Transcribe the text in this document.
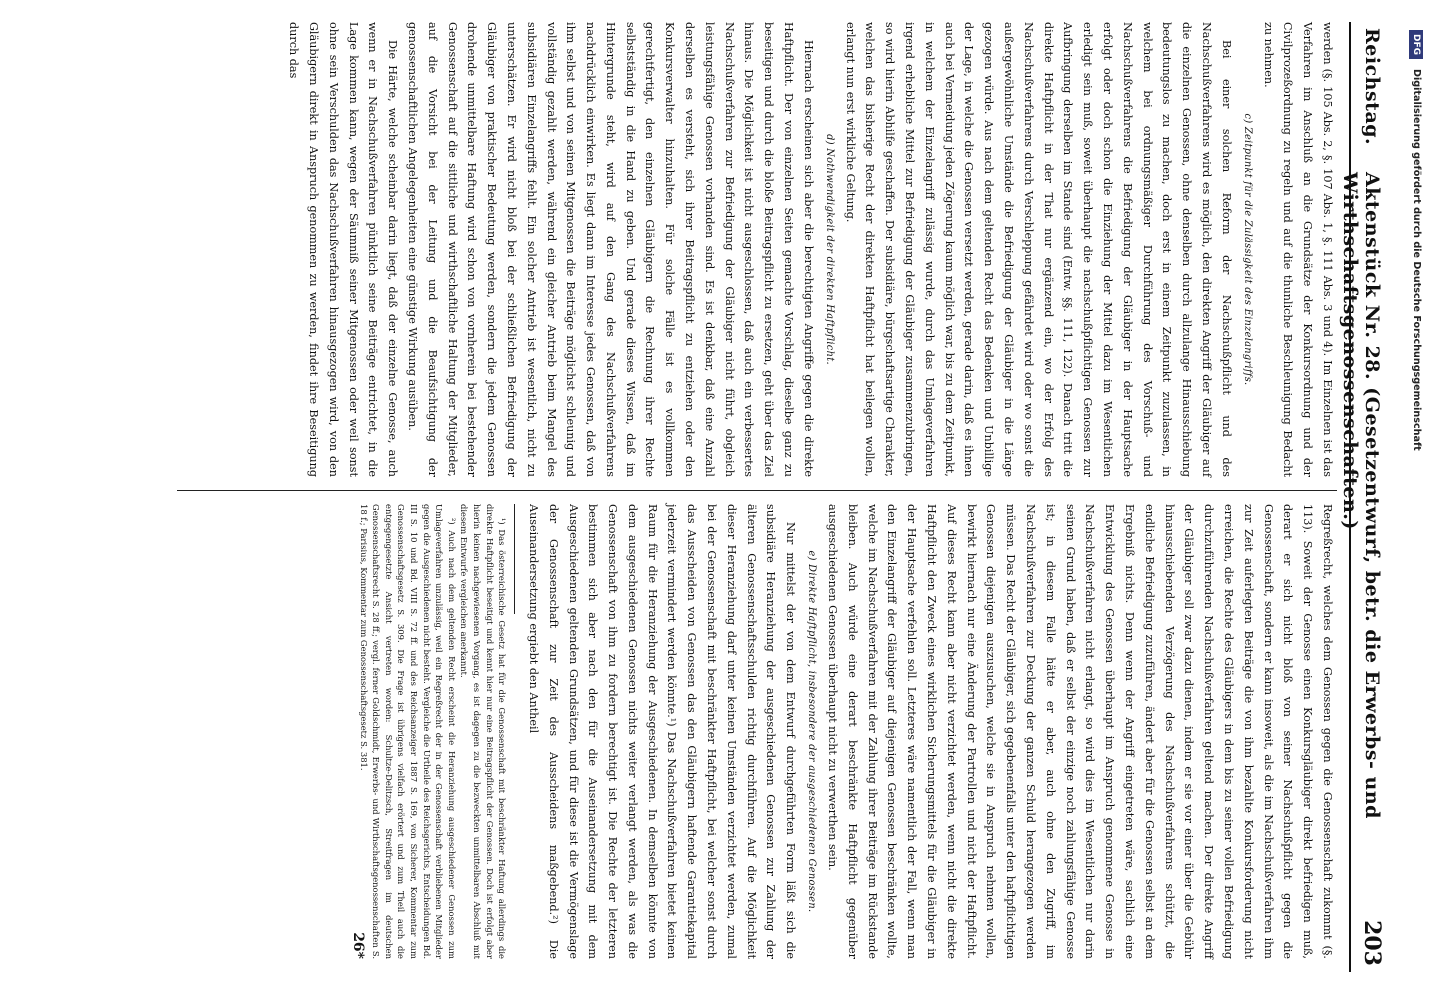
Reichstag.
Aktenstück Nr. 28. (Gesetzentwurf, betr. die Erwerbs- und Wirthschaftsgenossenschaften.)
203

werden (§. 105 Abs. 2, §. 107 Abs. 1, §. 111 Abs. 3 und 4). Im Einzelnen ist das Verfahren im Anschluß an die Grundsätze der Konkursordnung und der Civilprozeßordnung zu regeln und auf die thunliche Beschleunigung Bedacht zu nehmen.

c) Zeitpunkt für die Zulässigkeit des Einzelangriffs.

Bei einer solchen Reform der Nachschußpflicht und des Nachschußverfahrens wird es möglich, den direkten Angriff der Gläubiger auf die einzelnen Genossen, ohne denselben durch allzulange Hinausschiebung bedeutungslos zu machen, doch erst in einem Zeitpunkt zuzulassen, in welchem bei ordnungsmäßiger Durchführung des Vorschuß- und Nachschußverfahrens die Befriedigung der Gläubiger in der Hauptsache erfolgt oder doch schon die Einziehung der Mittel dazu im Wesentlichen erledigt sein muß, soweit überhaupt die nachschußpflichtigen Genossen zur Aufbringung derselben im Stande sind (Entw. §§. 111, 122). Danach tritt die direkte Haftpflicht in der That nur ergänzend ein, wo der Erfolg des Nachschußverfahrens durch Verschleppung gefährdet wird oder wo sonst die außergewöhnliche Umstände die Befriedigung der Gläubiger in die Länge gezogen würde. Aus nach dem geltenden Recht das Bedenken und Unbillige der Lage, in welche die Genossen versetzt werden, gerade darin, daß es ihnen auch bei Vermeidung jeden Zögerung kaum möglich war, bis zu dem Zeitpunkt, in welchem der Einzelangriff zulässig wurde, durch das Umlageverfahren irgend erhebliche Mittel zur Befriedigung der Gläubiger zusammenzubringen, so wird hierin Abhilfe geschaffen. Der subsidiäre, bürgschaftsartige Charakter, welchen das bisherige Recht der direkten Haftpflicht hat beilegen wollen, erlangt nun erst wirkliche Geltung.

d) Nothwendigkeit der direkten Haftpflicht.

Hiernach erscheinen sich aber die berechtigten Angriffe gegen die direkte Haftpflicht. Der von einzelnen Seiten gemachte Vorschlag, dieselbe ganz zu beseitigen und durch die bloße Beitragspflicht zu ersetzen, geht über das Ziel hinaus. Die Möglichkeit ist nicht ausgeschlossen, daß auch ein verbessertes Nachschußverfahren zur Befriedigung der Gläubiger nicht führt, obgleich leistungsfähige Genossen vorhanden sind. Es ist denkbar, daß eine Anzahl derselben es versteht, sich ihrer Beitragspflicht zu entziehen oder den Konkursverwalter hinzuhalten. Für solche Fälle ist es vollkommen gerechtfertigt, den einzelnen Gläubigern die Rechnung ihrer Rechte selbstständig in die Hand zu geben. Und gerade dieses Wissen, daß im Hintergrunde steht, wird auf den Gang des Nachschußverfahrens nachdrücklich einwirken. Es liegt dann im Interesse jedes Genossen, daß von ihm selbst und von seinen Mitgenossen die Beiträge möglichst schleunig und vollständig gezahlt werden, während ein gleicher Antrieb beim Mangel des subsidiären Einzelangriffs fehlt. Ein solcher Antrieb ist wesentlich, nicht zu unterschätzen. Er wird nicht bloß bei der schließlichen Befriedigung der Gläubiger von praktischer Bedeutung werden, sondern die jedem Genossen drohende unmittelbare Haftung wird schon von vornherein bei bestehender Genossenschaft auf die sittliche und wirthschaftliche Haltung der Mitglieder, auf die Vorsicht bei der Leitung und die Beaufsichtigung der genossenschaftlichen Angelegenheiten eine günstige Wirkung ausüben.

Die Härte, welche scheinbar darin liegt, daß der einzelne Genosse, auch wenn er in Nachschußverfahren pünktlich seine Beiträge entrichtet, in die Lage kommen kann, wegen der Säumniß seiner Mitgenossen oder weil sonst ohne sein Verschulden das Nachschußverfahren hinausgezogen wird, von den Gläubigern direkt in Anspruch genommen zu werden, findet ihre Beseitigung durch das

Regreßrecht, welches dem Genossen gegen die Genossenschaft zukommt (§. 113). Soweit der Genosse einen Konkursgläubiger direkt befriedigen muß, derart er sich nicht bloß von seiner Nachschußpflicht gegen die Genossenschaft, sondern er kann insoweit, als die im Nachschußverfahren ihm zur Zeit auferlegten Beiträge die von ihm bezahlte Konkursforderung nicht erreichen, die Rechte des Gläubigers in dem bis zu seiner vollen Befriedigung durchzuführenden Nachschußverfahren geltend machen. Der direkte Angriff der Gläubiger soll zwar dazu dienen, indem er sie vor einer über die Gebühr hinausschiebenden Verzögerung des Nachschußverfahrens schützt, die endliche Befriedigung zuzuführen, ändert aber für die Genossen selbst an dem Ergebniß nichts. Denn wenn der Angriff eingetreten wäre, sachlich eine Entwicklung des Genossen überhaupt im Anspruch genommene Genosse in Nachschußverfahren nicht erlangt, so wird dies im Wesentlichen nur darin seinen Grund haben, daß er selbst der einzige noch zahlungsfähige Genosse ist; in diesem Falle hätte er aber, auch ohne den Zugriff, im Nachschußverfahren zur Deckung der ganzen Schuld herangezogen werden müssen. Das Recht der Gläubiger, sich gegebenenfalls unter den haftpflichtigen Genossen diejenigen auszusuchen, welche sie in Anspruch nehmen wollen, bewirkt hiernach nur eine Änderung der Partrollen und nicht der Haftpflicht. Auf dieses Recht kann aber nicht verzichtet werden, wenn nicht die direkte Haftpflicht den Zweck eines wirklichen Sicherungsmittels für die Gläubiger in der Hauptsache verfehlen soll. Letzteres wäre namentlich der Fall, wenn man den Einzelangriff der Gläubiger auf diejenigen Genossen beschränken wollte, welche im Nachschußverfahren mit der Zahlung ihrer Beiträge im Rückstande bleiben. Auch würde eine derart beschränkte Haftpflicht gegenüber ausgeschiedenen Genossen überhaupt nicht zu verwerthen sein.

e) Direkte Haftpflicht, insbesondere der ausgeschiedenen Genossen.

Nur mittelst der von dem Entwurf durchgeführten Form läßt sich die subsidiäre Heranziehung der ausgeschiedenen Genossen zur Zahlung der älteren Genossenschaftsschulden richtig durchführen. Auf die Möglichkeit dieser Heranziehung darf unter keinen Umständen verzichtet werden, zumal bei der Genossenschaft mit beschränkter Haftpflicht, bei welcher sonst durch das Ausscheiden von Genossen das den Gläubigern haftende Garantiekapital jederzeit vermindert werden könnte.¹) Das Nachschußverfahren bietet keinen Raum für die Heranziehung der Ausgeschiedenen. In demselben könnte von dem ausgeschiedenen Genossen nichts weiter verlangt werden, als was die Genossenschaft von ihm zu fordern berechtigt ist. Die Rechte der letzteren bestimmen sich aber nach den für die Auseinandersetzung mit dem Ausgeschiedenen geltenden Grundsätzen, und für diese ist die Vermögenslage der Genossenschaft zur Zeit des Ausscheidens maßgebend.²) Die Auseinandersetzung ergiebt den Antheil

¹) Das österreichische Gesetz hat für die Genossenschaft mit beschränkter Haftung allerdings die direkte Haftpflicht beseitigt und kennt hier nur eine Beitragspflicht der Genossen. Doch ist erfolgt aber hierin keinen nachgewiesenen Vorgang, es ist dagegen zu die bezweckten unmittelbaren Abschluß mit diesem Entwurfe vergleichen anerkannt.

²) Auch nach dem geltenden Recht erscheint die Heranziehung ausgeschiedener Genossen zum Umlageverfahren unzulässig, weil ein Regreßrecht der in der Genossenschaft verbliebenen Mitglieder gegen die Ausgeschiedenen nicht besteht. Vergleiche die Urtheile des Reichsgerichts, Entscheidungen Bd. III S. 10 und Bd. VIII S. 72 ff. und des Reichsanzeiger 1887 S. 169, von Sicherer, Kommentar zum Genossenschaftsgesetz S. 309. Die Frage ist übrigens vielfach erörtert und zum Theil auch die entgegengesetzte Ansicht vertreten worden: Schultze-Delitzsch, Streitfragen im deutschen Genossenschaftsrecht S. 28 ff.; vergl. ferner Goldschmidt, Erwerbs- und Wirthschaftsgenossenschaften S. 18 f.; Parisius, Kommentar zum Genossenschaftsgesetz S. 381.

26*
DFGDigitalisierung gefördert durch die Deutsche Forschungsgemeinschaft
